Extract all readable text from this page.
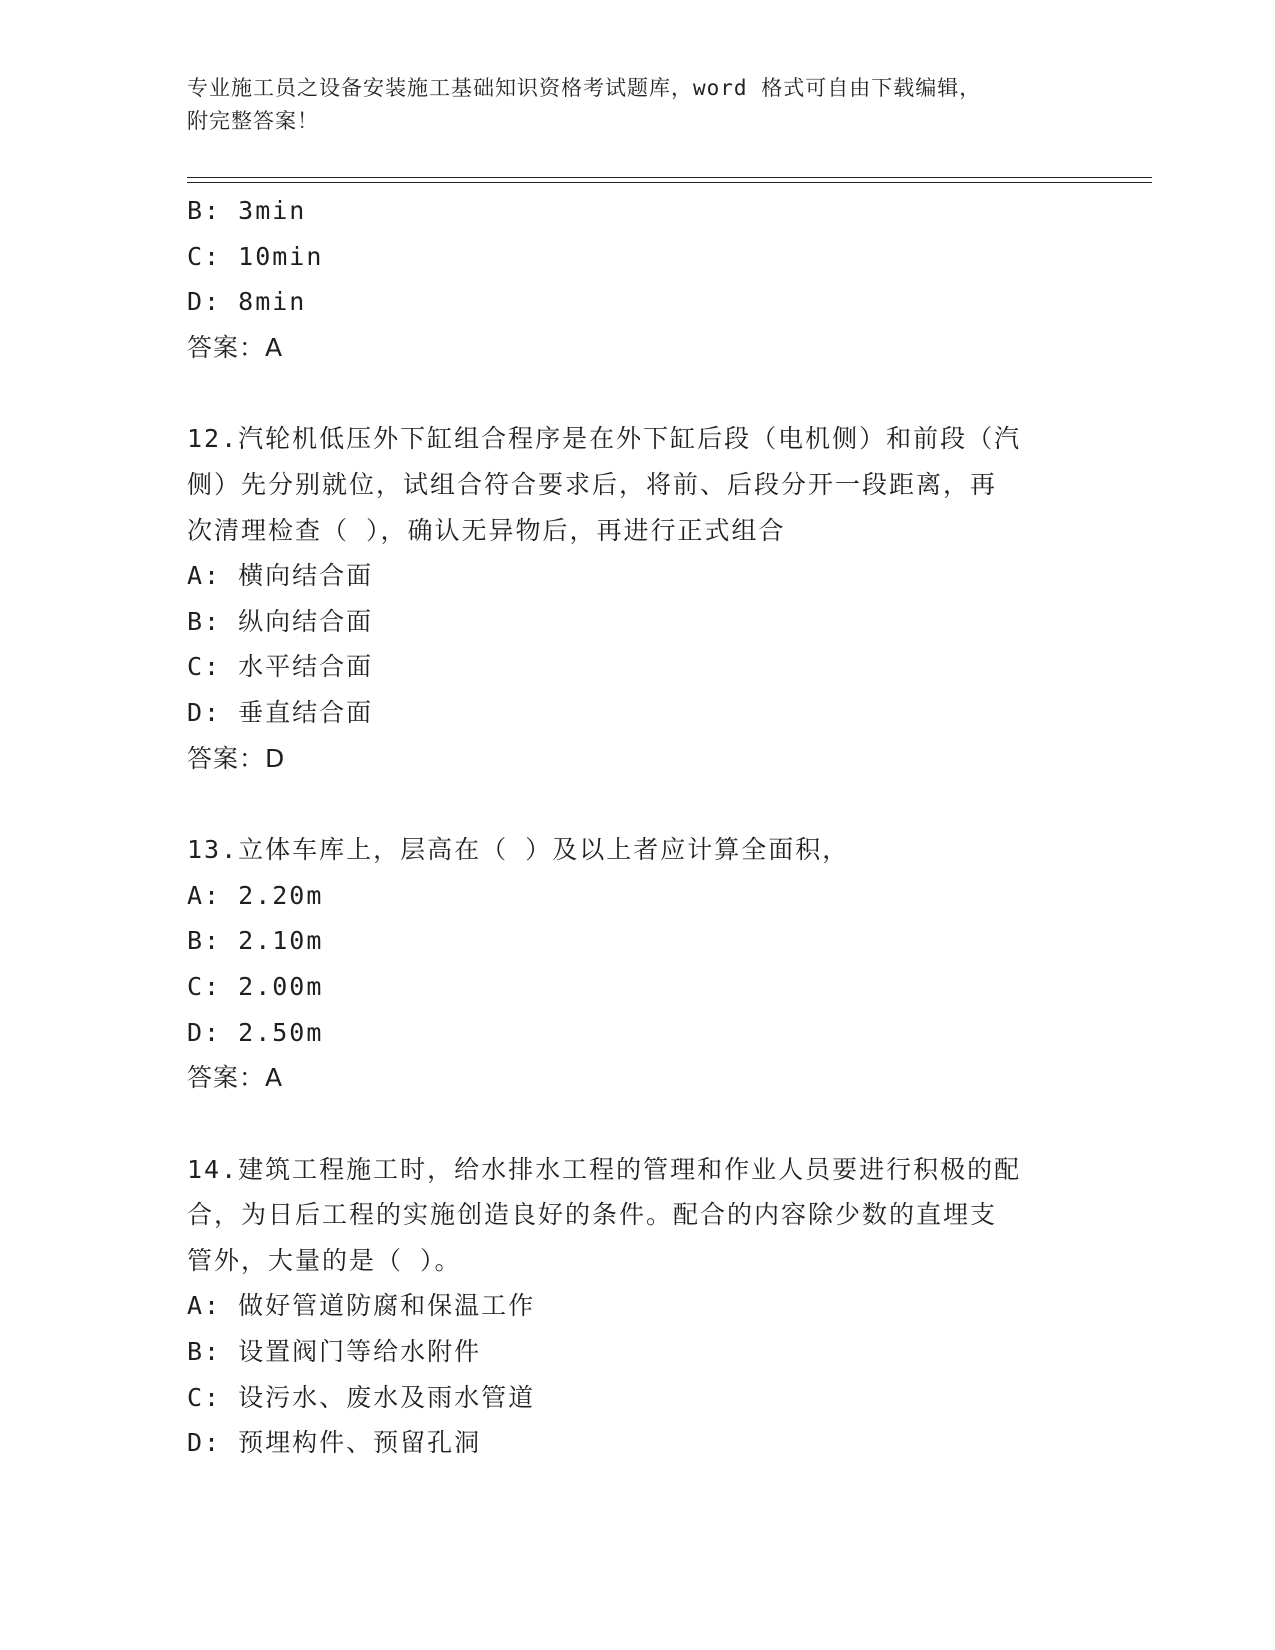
专业施工员之设备安装施工基础知识资格考试题库，word 格式可自由下载编辑，
附完整答案！
B: 3min
C: 10min
D: 8min
答案：A
12.汽轮机低压外下缸组合程序是在外下缸后段（电机侧）和前段（汽
侧）先分别就位，试组合符合要求后，将前、后段分开一段距离，再
次清理检查（ ），确认无异物后，再进行正式组合
A: 横向结合面
B: 纵向结合面
C: 水平结合面
D: 垂直结合面
答案：D
13.立体车库上，层高在（ ）及以上者应计算全面积，
A: 2.20m
B: 2.10m
C: 2.00m
D: 2.50m
答案：A
14.建筑工程施工时，给水排水工程的管理和作业人员要进行积极的配
合，为日后工程的实施创造良好的条件。配合的内容除少数的直埋支
管外，大量的是（ ）。
A: 做好管道防腐和保温工作
B: 设置阀门等给水附件
C: 设污水、废水及雨水管道
D: 预埋构件、预留孔洞
